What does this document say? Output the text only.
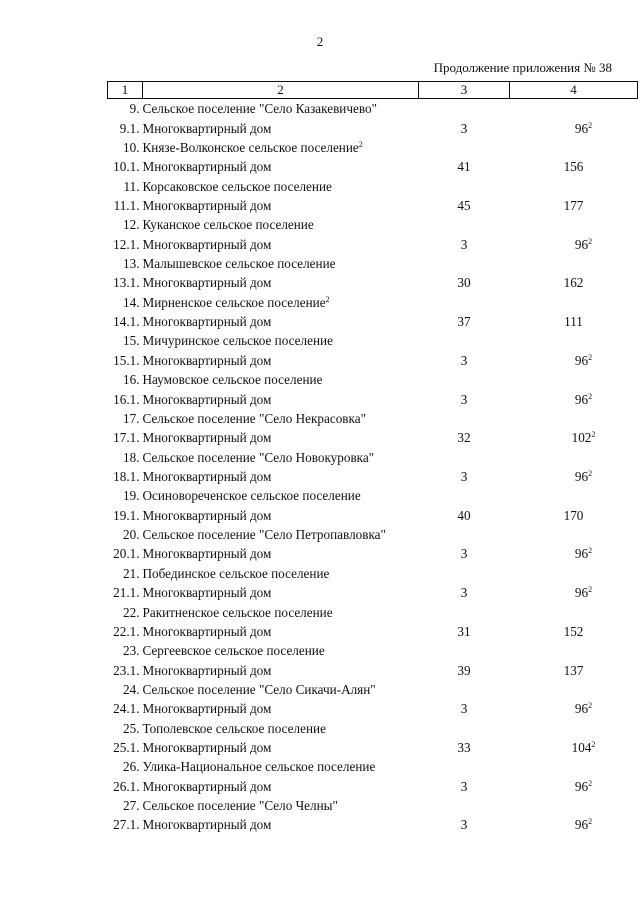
2
Продолжение приложения № 38
1	2	3	4
9.	Сельское поселение "Село Казакевичево"		
9.1.	Многоквартирный дом	3	$96^2$
10.	Князе-Волконское сельское поселение$^2$		
10.1.	Многоквартирный дом	41	156
11.	Корсаковское сельское поселение		
11.1.	Многоквартирный дом	45	177
12.	Куканское сельское поселение		
12.1.	Многоквартирный дом	3	$96^2$
13.	Малышевское сельское поселение		
13.1.	Многоквартирный дом	30	162
14.	Мирненское сельское поселение$^2$		
14.1.	Многоквартирный дом	37	111
15.	Мичуринское сельское поселение		
15.1.	Многоквартирный дом	3	$96^2$
16.	Наумовское сельское поселение		
16.1.	Многоквартирный дом	3	$96^2$
17.	Сельское поселение "Село Некрасовка"		
17.1.	Многоквартирный дом	32	$102^2$
18.	Сельское поселение "Село Новокуровка"		
18.1.	Многоквартирный дом	3	$96^2$
19.	Осиноворечeнское сельское поселение		
19.1.	Многоквартирный дом	40	170
20.	Сельское поселение "Село Петропавловка"		
20.1.	Многоквартирный дом	3	$96^2$
21.	Побединское сельское поселение		
21.1.	Многоквартирный дом	3	$96^2$
22.	Ракитненское сельское поселение		
22.1.	Многоквартирный дом	31	152
23.	Сергеевское сельское поселение		
23.1.	Многоквартирный дом	39	137
24.	Сельское поселение "Село Сикачи-Алян"		
24.1.	Многоквартирный дом	3	$96^2$
25.	Тополевское сельское поселение		
25.1.	Многоквартирный дом	33	$104^2$
26.	Улика-Национальное сельское поселение		
26.1.	Многоквартирный дом	3	$96^2$
27.	Сельское поселение "Село Челны"		
27.1.	Многоквартирный дом	3	$96^2$
